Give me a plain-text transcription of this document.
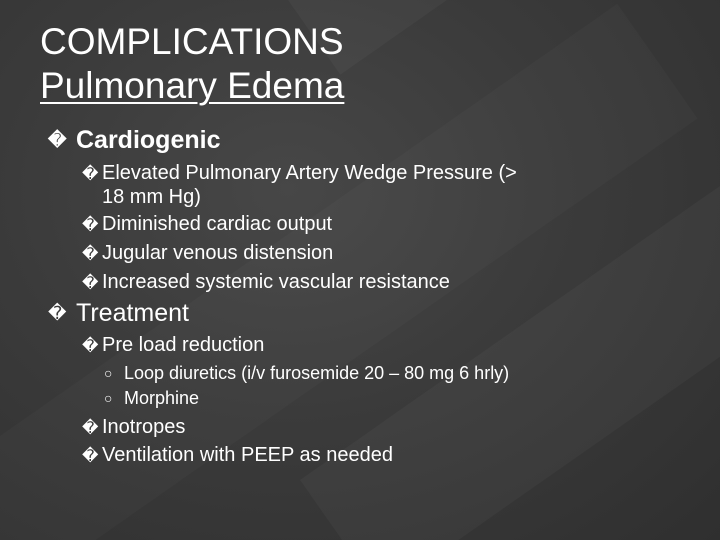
COMPLICATIONS
Pulmonary Edema
� Cardiogenic
� Elevated Pulmonary Artery Wedge Pressure (>
18 mm Hg)
� Diminished cardiac output
� Jugular venous distension
� Increased systemic vascular resistance
� Treatment
� Pre load reduction
○ Loop diuretics (i/v furosemide 20 – 80 mg 6 hrly)
○ Morphine
� Inotropes
� Ventilation with PEEP as needed
